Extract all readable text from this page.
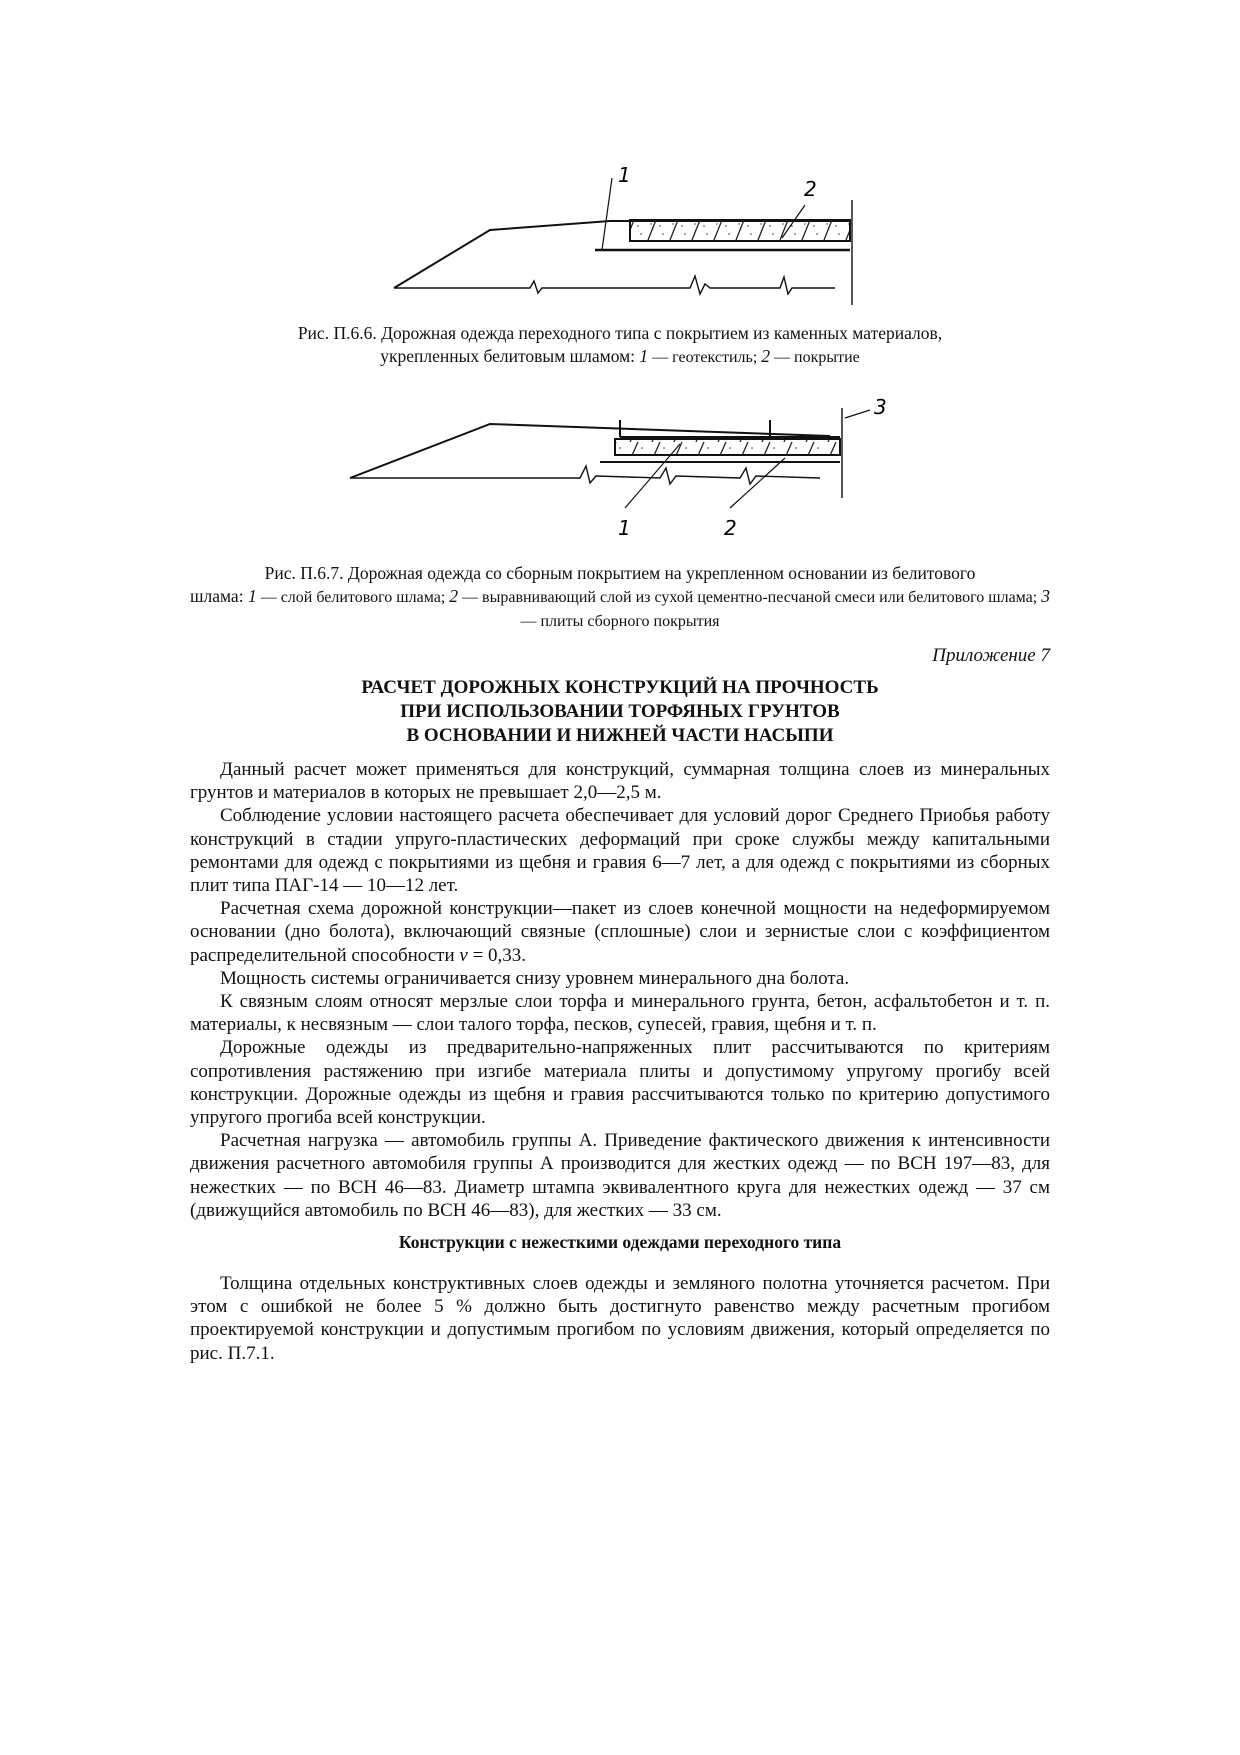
1
2
Рис. П.6.6. Дорожная одежда переходного типа с покрытием из каменных материалов,
укрепленных белитовым шламом: 1 — геотекстиль; 2 — покрытие
1	2
3
Рис. П.6.7. Дорожная одежда со сборным покрытием на укрепленном основании из белитового
шлама: 1 — слой белитового шлама; 2 — выравнивающий слой из сухой цементно-песчаной смеси или белитового шлама; 3 — плиты сборного покрытия
Приложение 7
РАСЧЕТ ДОРОЖНЫХ КОНСТРУКЦИЙ НА ПРОЧНОСТЬ
ПРИ ИСПОЛЬЗОВАНИИ ТОРФЯНЫХ ГРУНТОВ
В ОСНОВАНИИ И НИЖНЕЙ ЧАСТИ НАСЫПИ

Данный расчет может применяться для конструкций, суммарная толщина слоев из минеральных грунтов и материалов в которых не превышает 2,0—2,5 м.

Соблюдение условии настоящего расчета обеспечивает для условий дорог Среднего Приобья работу конструкций в стадии упруго-пластических деформаций при сроке службы между капитальными ремонтами для одежд с покрытиями из щебня и гравия 6—7 лет, а для одежд с покрытиями из сборных плит типа ПАГ-14 — 10—12 лет.

Расчетная схема дорожной конструкции—пакет из слоев конечной мощности на недеформируемом основании (дно болота), включающий связные (сплошные) слои и зернистые слои с коэффициентом распределительной способности v = 0,33.

Мощность системы ограничивается снизу уровнем минерального дна болота.

К связным слоям относят мерзлые слои торфа и минерального грунта, бетон, асфальтобетон и т. п. материалы, к несвязным — слои талого торфа, песков, супесей, гравия, щебня и т. п.

Дорожные одежды из предварительно-напряженных плит рассчитываются по критериям сопротивления растяжению при изгибе материала плиты и допустимому упругому прогибу всей конструкции. Дорожные одежды из щебня и гравия рассчитываются только по критерию допустимого упругого прогиба всей конструкции.

Расчетная нагрузка — автомобиль группы А. Приведение фактического движения к интенсивности движения расчетного автомобиля группы А производится для жестких одежд — по ВСН 197—83, для нежестких — по ВСН 46—83. Диаметр штампа эквивалентного круга для нежестких одежд — 37 см (движущийся автомобиль по ВСН 46—83), для жестких — 33 см.

Конструкции с нежесткими одеждами переходного типа

Толщина отдельных конструктивных слоев одежды и земляного полотна уточняется расчетом. При этом с ошибкой не более 5 % должно быть достигнуто равенство между расчетным прогибом проектируемой конструкции и допустимым прогибом по условиям движения, который определяется по рис. П.7.1.
